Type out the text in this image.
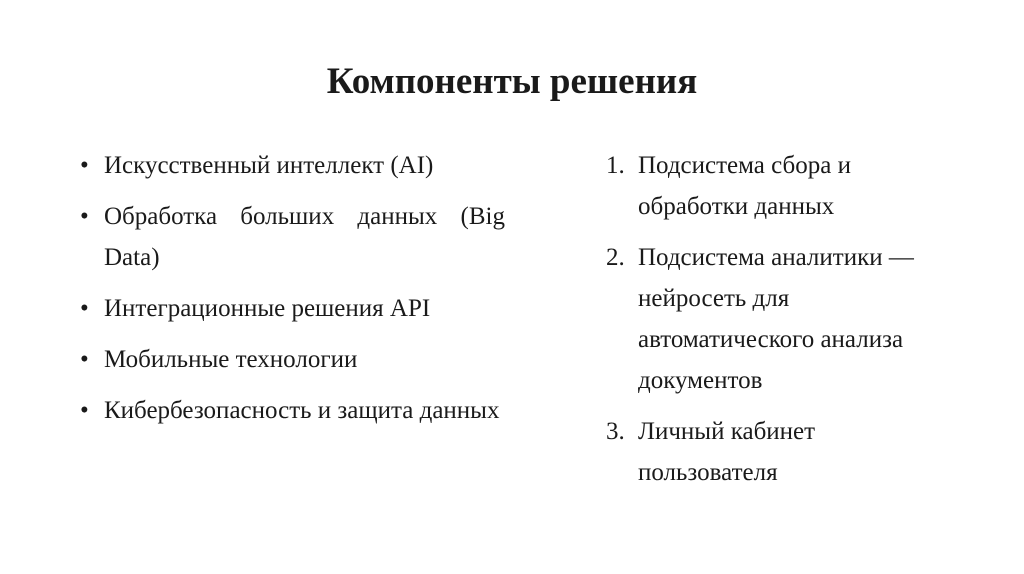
Компоненты решения
• Искусственный интеллект (AI)
• Обработка больших данных (Big Data)
• Интеграционные решения API
• Мобильные технологии
• Кибербезопасность и защита данных
1. Подсистема сбора и обработки данных
2. Подсистема аналитики — нейросеть для автоматического анализа документов
3. Личный кабинет пользователя
